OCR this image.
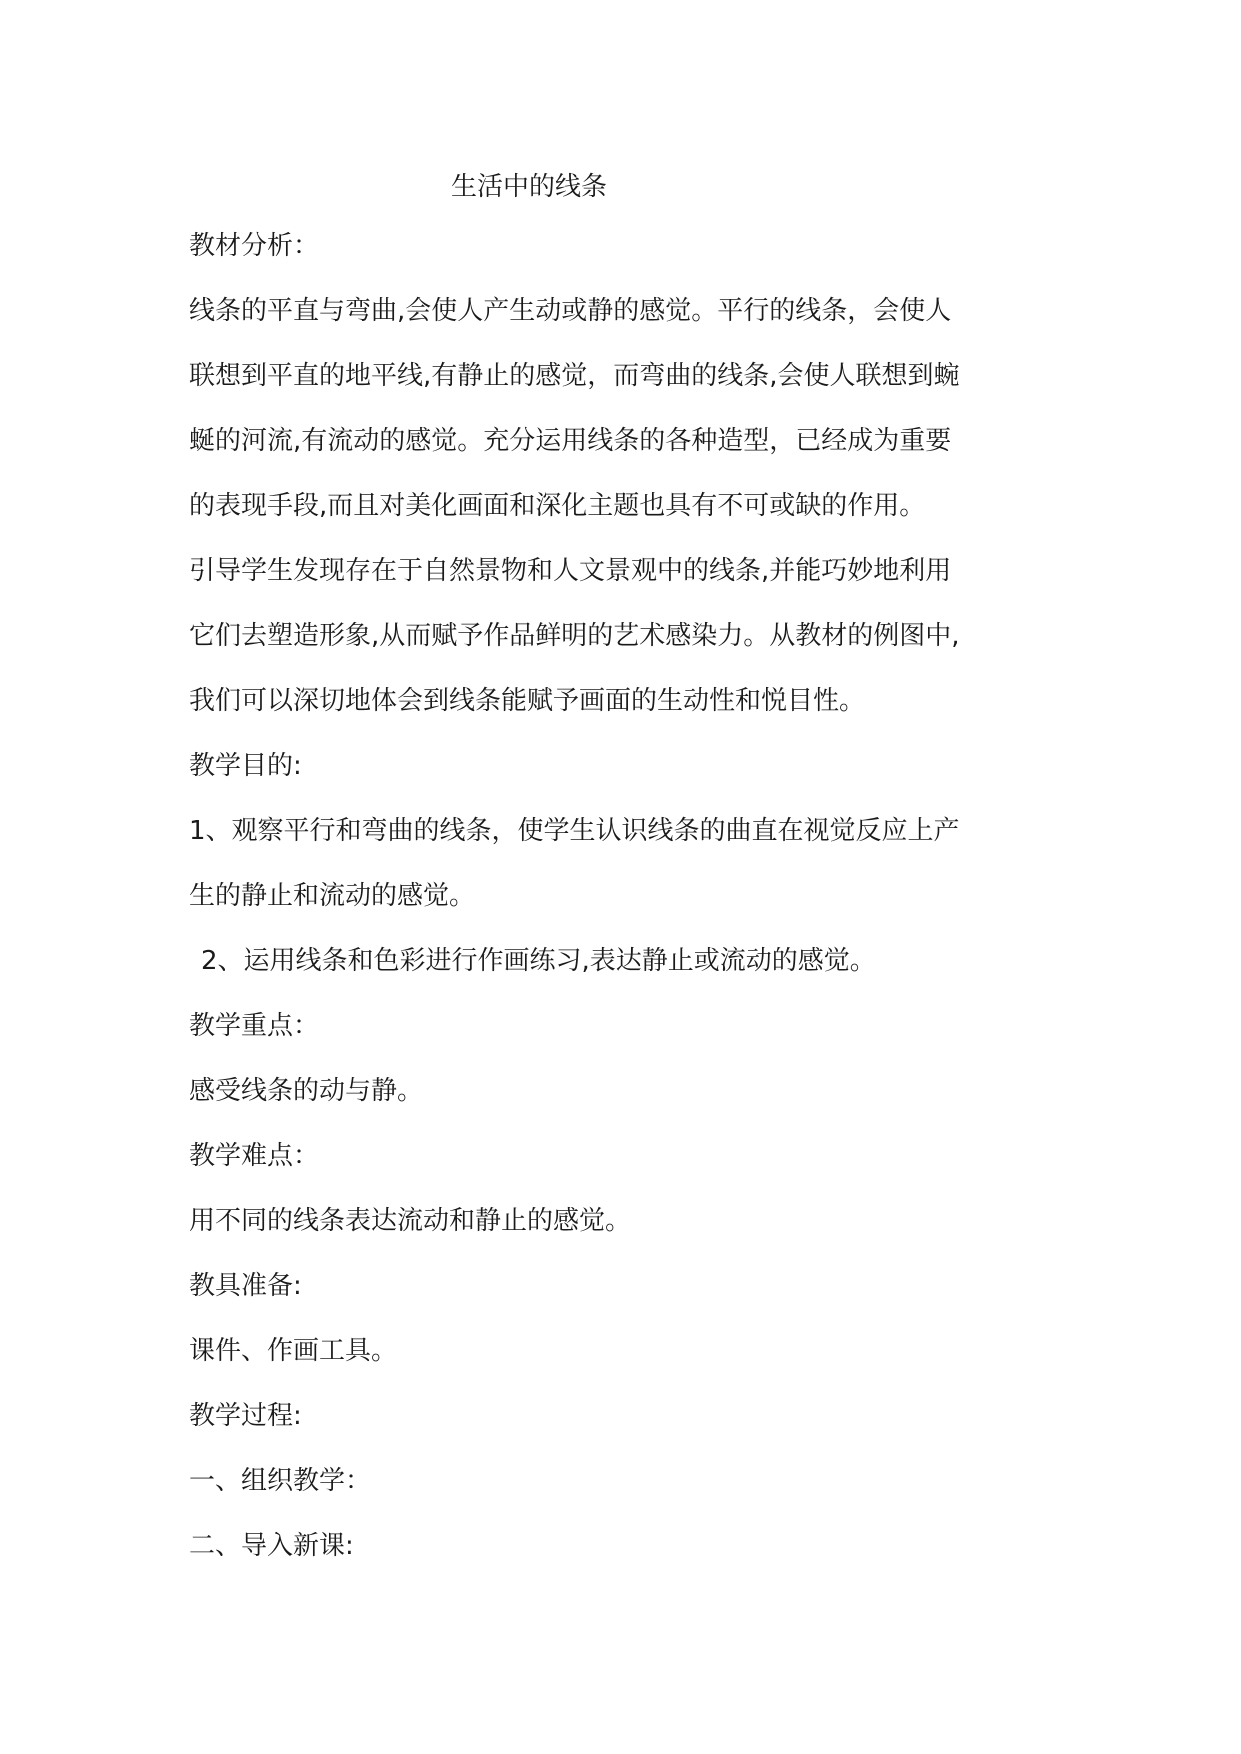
生活中的线条
教材分析：
线条的平直与弯曲,会使人产生动或静的感觉。平行的线条，会使人
联想到平直的地平线,有静止的感觉，而弯曲的线条,会使人联想到蜿
蜒的河流,有流动的感觉。充分运用线条的各种造型，已经成为重要
的表现手段,而且对美化画面和深化主题也具有不可或缺的作用。
引导学生发现存在于自然景物和人文景观中的线条,并能巧妙地利用
它们去塑造形象,从而赋予作品鲜明的艺术感染力。从教材的例图中,
我们可以深切地体会到线条能赋予画面的生动性和悦目性。
教学目的:
1、观察平行和弯曲的线条，使学生认识线条的曲直在视觉反应上产
生的静止和流动的感觉。
2、运用线条和色彩进行作画练习,表达静止或流动的感觉。
教学重点：
感受线条的动与静。
教学难点：
用不同的线条表达流动和静止的感觉。
教具准备:
课件、作画工具。
教学过程:
一、组织教学：
二、导入新课:
